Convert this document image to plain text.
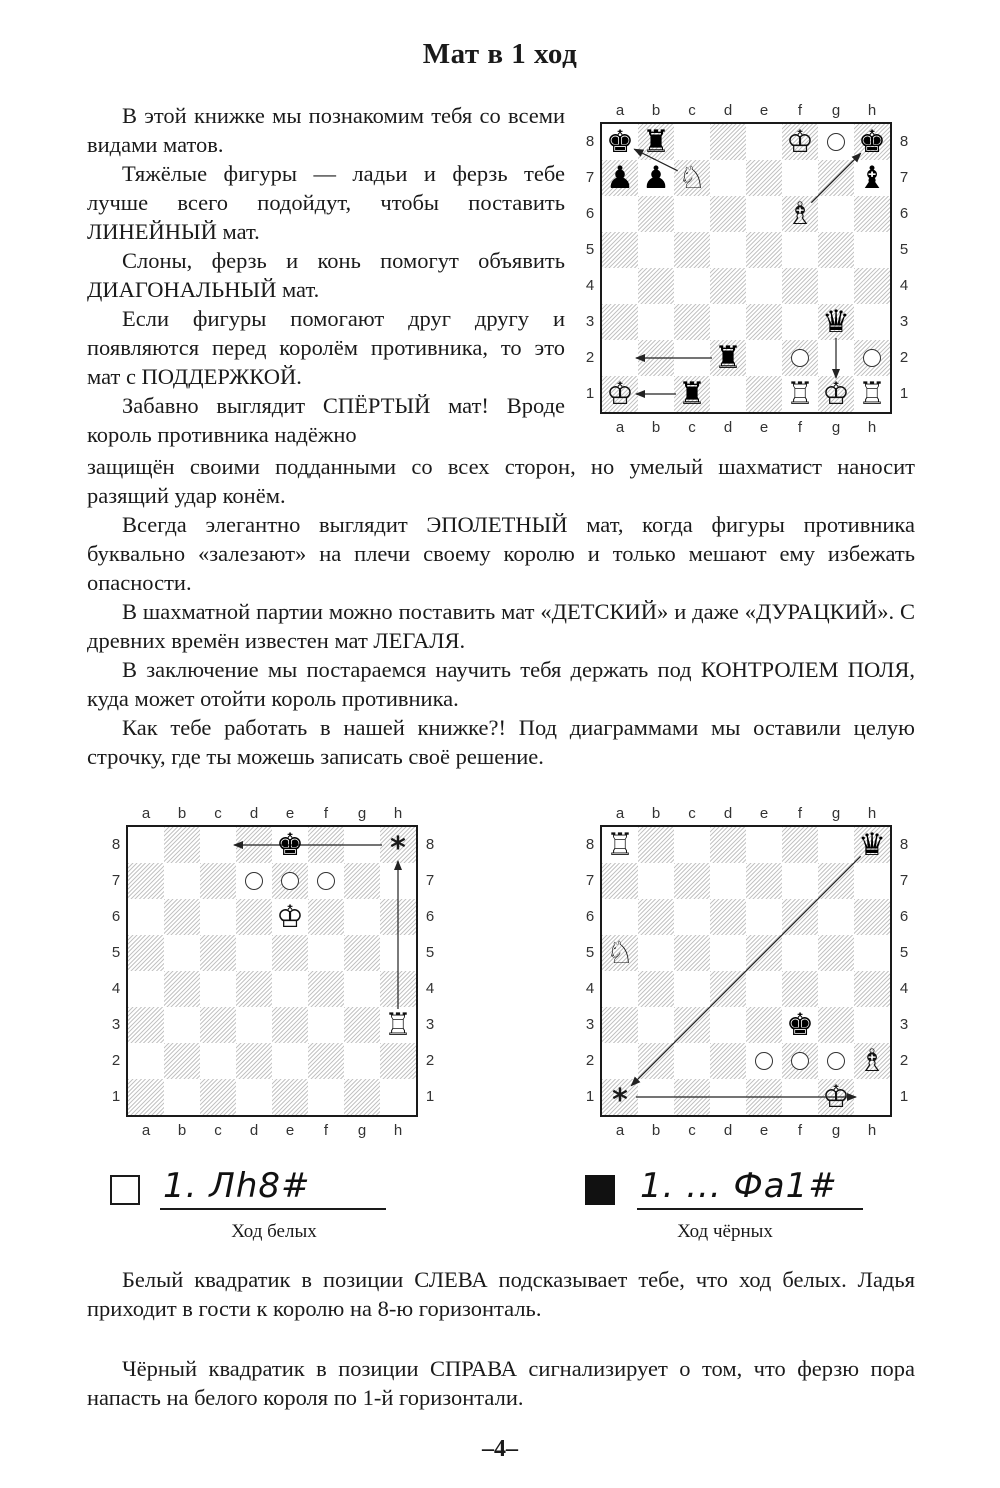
Мат в 1 ход

В этой книжке мы познакомим тебя со всеми видами матов.

Тяжёлые фигуры — ладьи и ферзь тебе лучше всего подойдут, чтобы поставить ЛИНЕЙНЫЙ мат.

Слоны, ферзь и конь помогут объявить ДИАГОНАЛЬНЫЙ мат.

Если фигуры помогают друг другу и появляются перед королём противника, то это мат с ПОДДЕРЖКОЙ.

Забавно выглядит СПЁРТЫЙ мат! Вроде король противника надёжно

защищён своими подданными со всех сторон, но умелый шахматист наносит разящий удар конём.

Всегда элегантно выглядит ЭПОЛЕТНЫЙ мат, когда фигуры противника буквально «залезают» на плечи своему королю и только мешают ему избежать опасности.

В шахматной партии можно поставить мат «ДЕТСКИЙ» и даже «ДУРАЦКИЙ». С древних времён известен мат ЛЕГАЛЯ.

В заключение мы постараемся научить тебя держать под КОНТРОЛЕМ ПОЛЯ, куда может отойти король противника.

Как тебе работать в нашей книжке?! Под диаграммами мы оставили целую строчку, где ты можешь записать своё решение.

a
a
b
b
c
c
d
d
e
e
f
f
g
g
h
h
8	8
7	7
6	6
5	5
4	4
3	3
2	2
1	1
♚ ♜
♟ ♟ ♘
♔ ♚
♝
♗
♛
♜
♜
♔	♖ ♔ ♖
a
a
b
b
c
c
d
d
e
e
f
f
g
g
h
h
8	8
7	7
6	6
5	5
4	4
3	3
2	2
1	1
*
♚
♔
♖
a
a
b
b
c
c
d
d
e
e
f
f
g
g
h
h
8	8
7	7
6	6
5	5
4	4
3	3
2	2
1	1
*
♖	♛
♘
♚
♗
♔
1. Лh8#
Ход белых
1. ... Фa1#
Ход чёрных

Белый квадратик в позиции СЛЕВА подсказывает тебе, что ход белых. Ладья приходит в гости к королю на 8-ю горизонталь.

Чёрный квадратик в позиции СПРАВА сигнализирует о том, что ферзю пора напасть на белого короля по 1-й горизонтали.

–4–
